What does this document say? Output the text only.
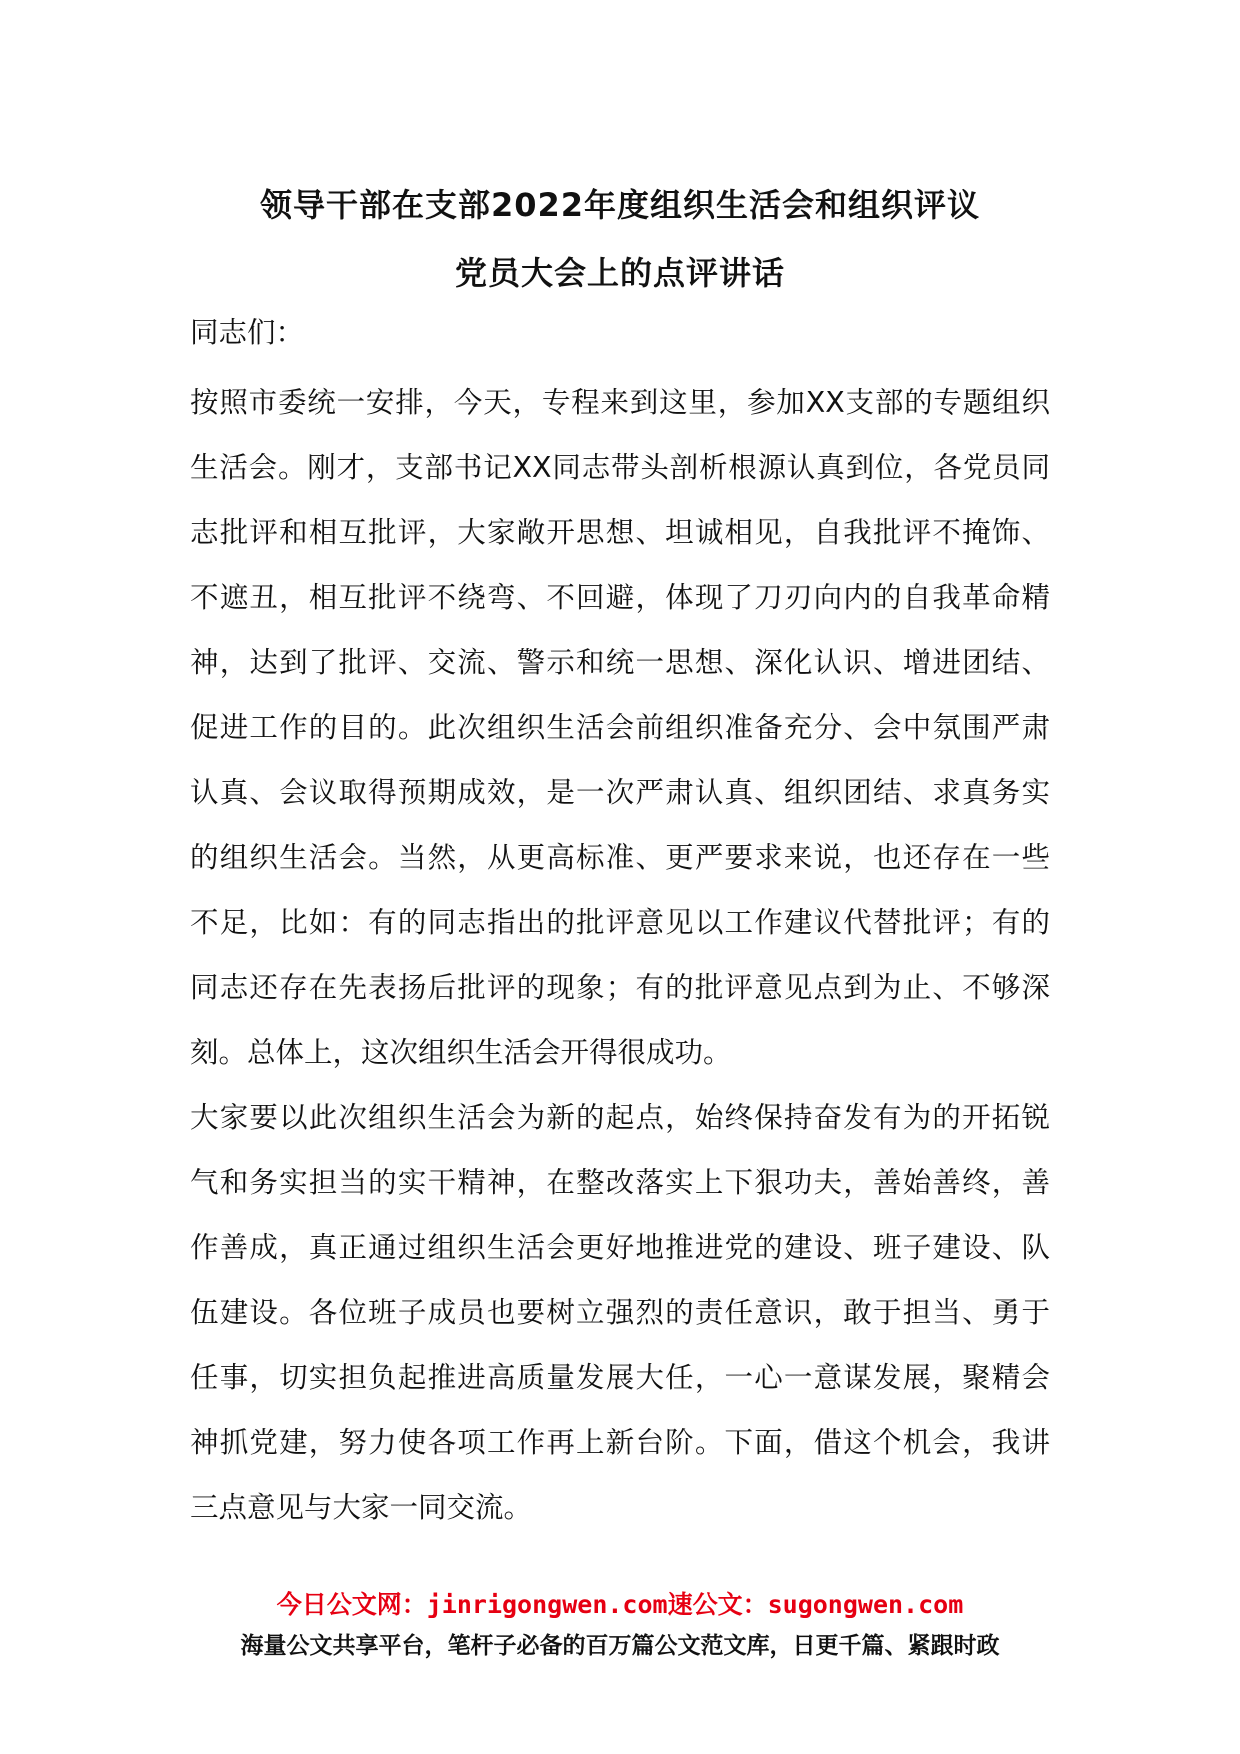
领导干部在支部2022年度组织生活会和组织评议
党员大会上的点评讲话
同志们：
按照市委统一安排，今天，专程来到这里，参加XX支部的专题组织
生活会。刚才，支部书记XX同志带头剖析根源认真到位，各党员同
志批评和相互批评，大家敞开思想、坦诚相见，自我批评不掩饰、
不遮丑，相互批评不绕弯、不回避，体现了刀刃向内的自我革命精
神，达到了批评、交流、警示和统一思想、深化认识、增进团结、
促进工作的目的。此次组织生活会前组织准备充分、会中氛围严肃
认真、会议取得预期成效，是一次严肃认真、组织团结、求真务实
的组织生活会。当然，从更高标准、更严要求来说，也还存在一些
不足，比如：有的同志指出的批评意见以工作建议代替批评；有的
同志还存在先表扬后批评的现象；有的批评意见点到为止、不够深
刻。总体上，这次组织生活会开得很成功。
大家要以此次组织生活会为新的起点，始终保持奋发有为的开拓锐
气和务实担当的实干精神，在整改落实上下狠功夫，善始善终，善
作善成，真正通过组织生活会更好地推进党的建设、班子建设、队
伍建设。各位班子成员也要树立强烈的责任意识，敢于担当、勇于
任事，切实担负起推进高质量发展大任，一心一意谋发展，聚精会
神抓党建，努力使各项工作再上新台阶。下面，借这个机会，我讲
三点意见与大家一同交流。
今日公文网：jinrigongwen.com速公文：sugongwen.com
海量公文共享平台，笔杆子必备的百万篇公文范文库，日更千篇、紧跟时政
